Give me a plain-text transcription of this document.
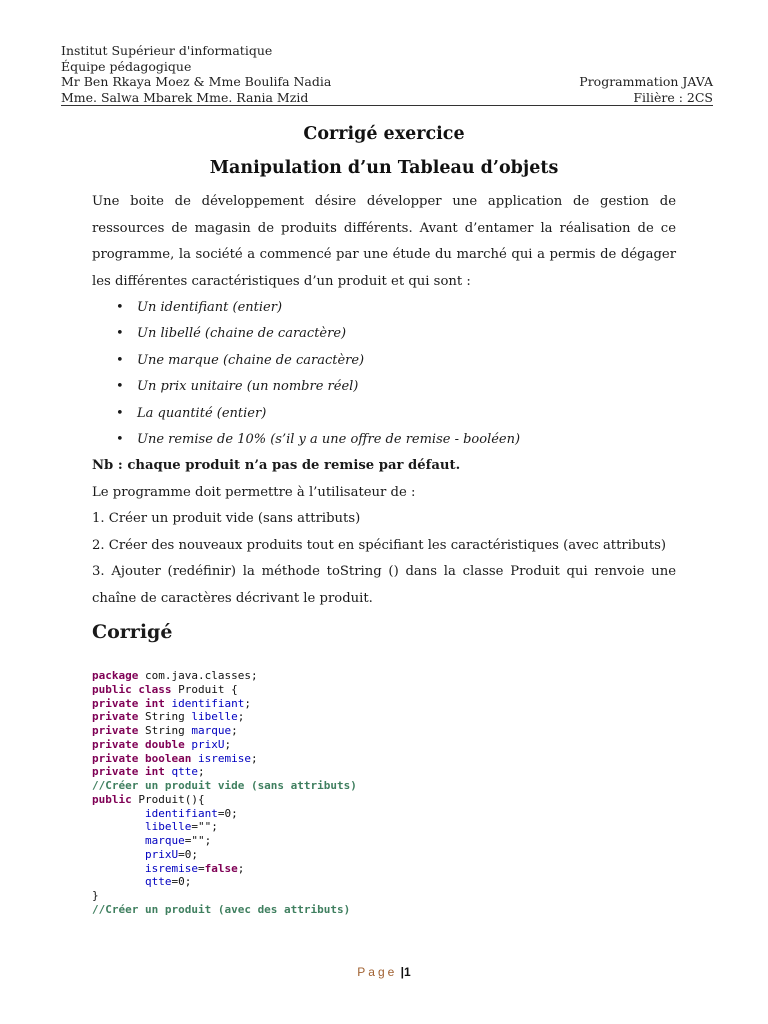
Institut Supérieur d'informatique
Équipe pédagogique
Mr Ben Rkaya Moez & Mme Boulifa Nadia	Programmation JAVA
Mme. Salwa Mbarek Mme. Rania Mzid	Filière : 2CS
Corrigé exercice
Manipulation d’un Tableau d’objets

Une boite de développement désire développer une application de gestion de ressources de magasin de produits différents. Avant d’entamer la réalisation de ce programme, la société a commencé par une étude du marché qui a permis de dégager les différentes caractéristiques d’un produit et qui sont :

• Un identifiant (entier)
• Un libellé (chaine de caractère)
• Une marque (chaine de caractère)
• Un prix unitaire (un nombre réel)
• La quantité (entier)
• Une remise de 10% (s’il y a une offre de remise - booléen)

Nb : chaque produit n’a pas de remise par défaut.

Le programme doit permettre à l’utilisateur de :

1. Créer un produit vide (sans attributs)

2. Créer des nouveaux produits tout en spécifiant les caractéristiques (avec attributs)

3. Ajouter (redéfinir) la méthode toString () dans la classe Produit qui renvoie une chaîne de caractères décrivant le produit.

Corrigé

package com.java.classes;
public class Produit {
private int identifiant;
private String libelle;
private String marque;
private double prixU;
private boolean isremise;
private int qtte;
//Créer un produit vide (sans attributs)
public Produit(){
identifiant=0;
libelle="";
marque="";
prixU=0;
isremise=false;
qtte=0;
}
//Créer un produit (avec des attributs)
Page |1
